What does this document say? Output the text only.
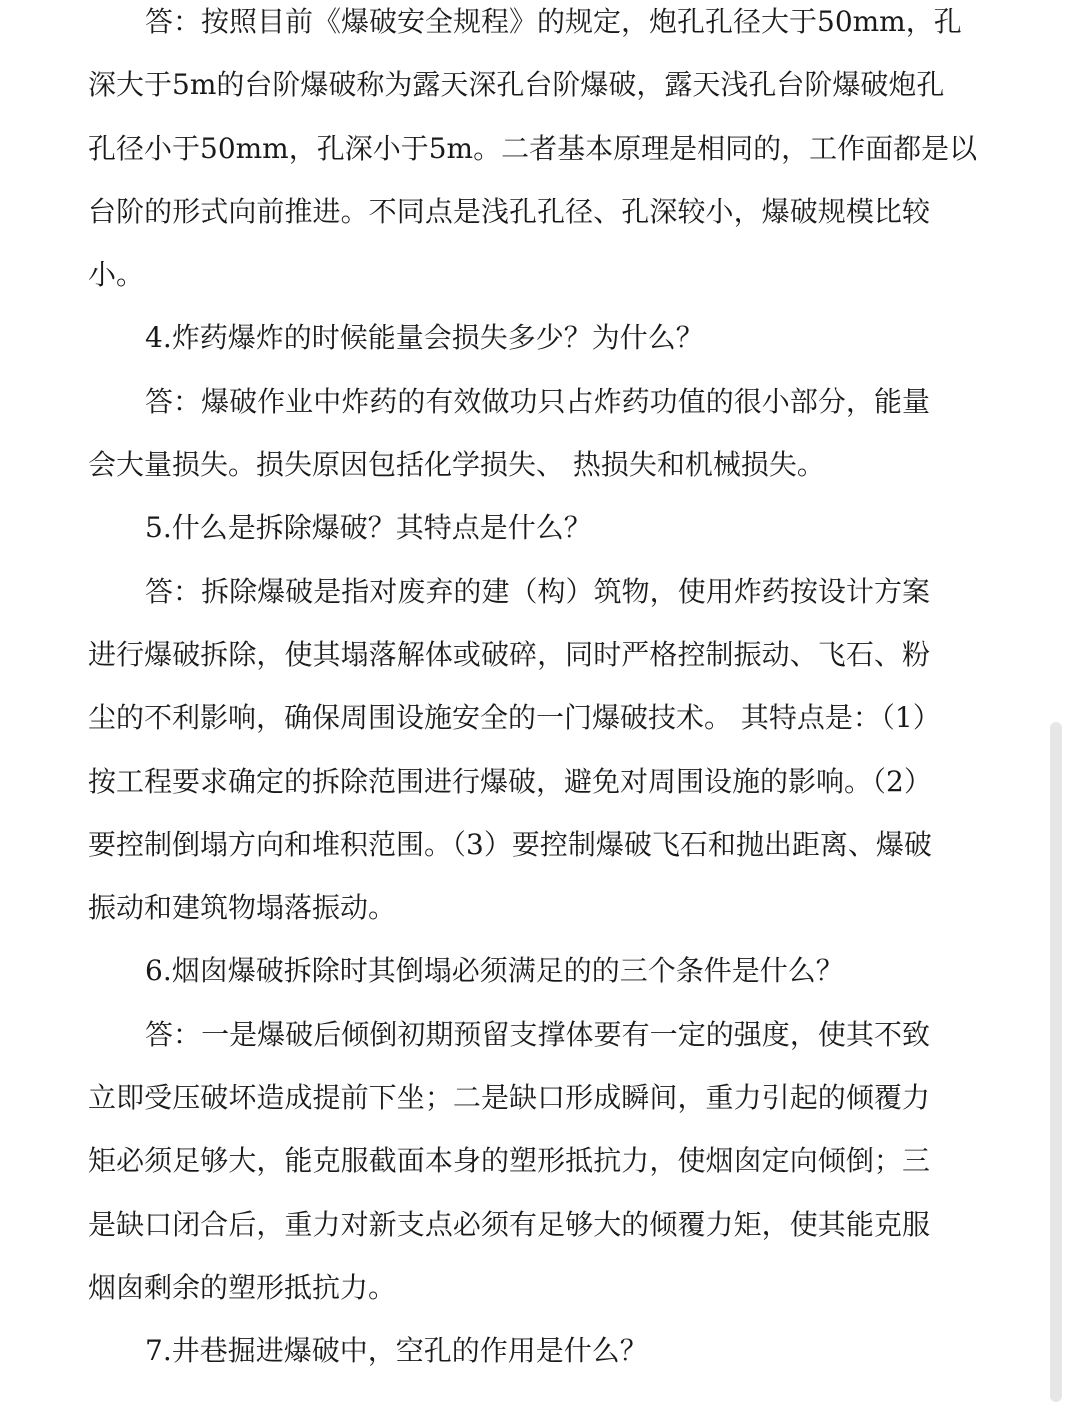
答：按照目前《爆破安全规程》的规定，炮孔孔径大于50mm，孔
深大于5m的台阶爆破称为露天深孔台阶爆破，露天浅孔台阶爆破炮孔
孔径小于50mm，孔深小于5m。二者基本原理是相同的，工作面都是以
台阶的形式向前推进。不同点是浅孔孔径、孔深较小，爆破规模比较
小。
4.炸药爆炸的时候能量会损失多少？为什么？
答：爆破作业中炸药的有效做功只占炸药功值的很小部分，能量
会大量损失。损失原因包括化学损失、 热损失和机械损失。
5.什么是拆除爆破？其特点是什么？
答：拆除爆破是指对废弃的建（构）筑物，使用炸药按设计方案
进行爆破拆除，使其塌落解体或破碎，同时严格控制振动、飞石、粉
尘的不利影响，确保周围设施安全的一门爆破技术。 其特点是：（1）
按工程要求确定的拆除范围进行爆破，避免对周围设施的影响。（2）
要控制倒塌方向和堆积范围。（3）要控制爆破飞石和抛出距离、爆破
振动和建筑物塌落振动。
6.烟囱爆破拆除时其倒塌必须满足的的三个条件是什么？
答：一是爆破后倾倒初期预留支撑体要有一定的强度，使其不致
立即受压破坏造成提前下坐；二是缺口形成瞬间，重力引起的倾覆力
矩必须足够大，能克服截面本身的塑形抵抗力，使烟囱定向倾倒；三
是缺口闭合后，重力对新支点必须有足够大的倾覆力矩，使其能克服
烟囱剩余的塑形抵抗力。
7.井巷掘进爆破中，空孔的作用是什么？
